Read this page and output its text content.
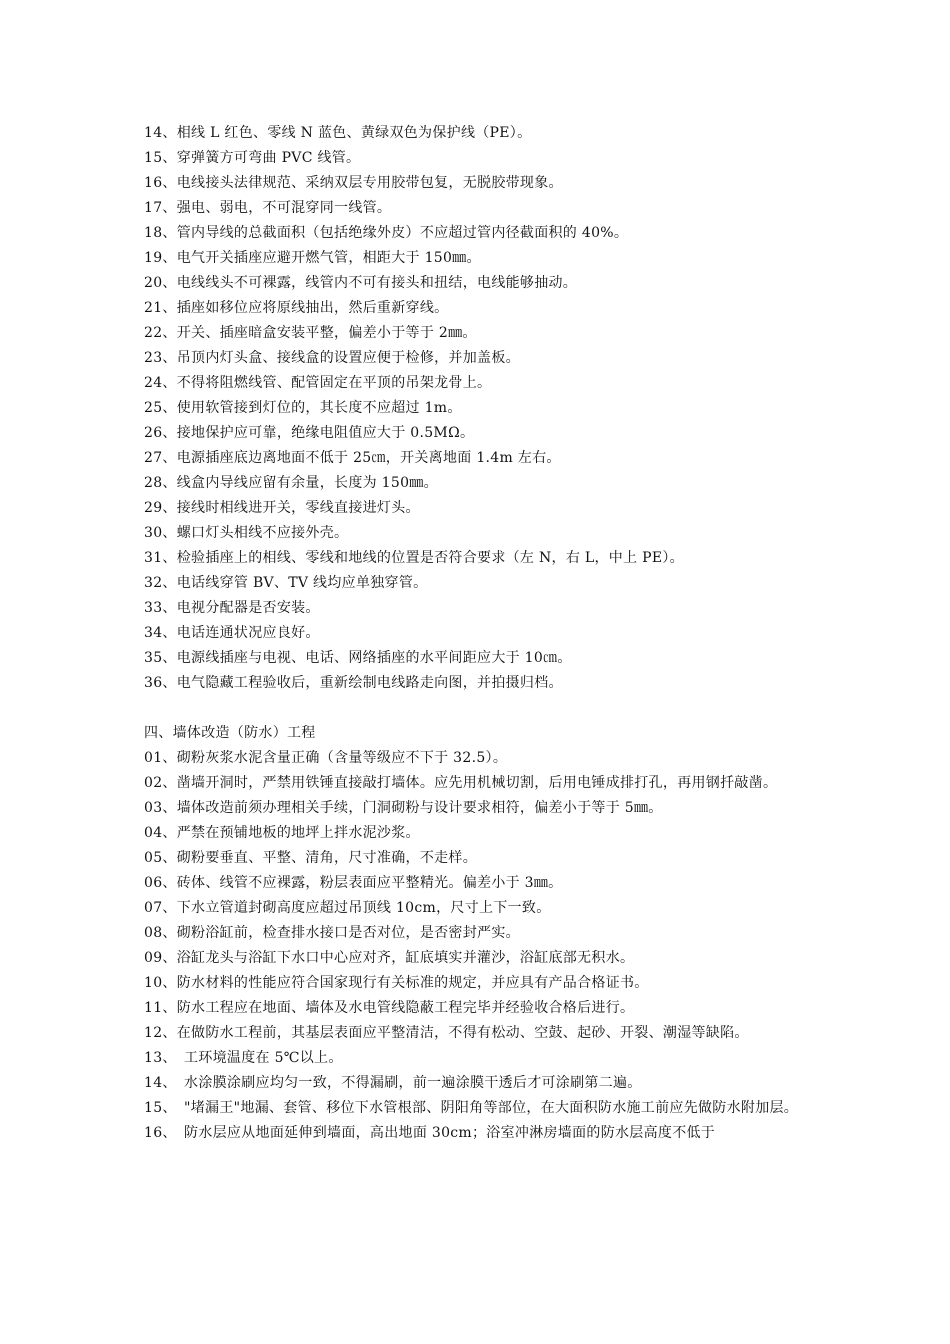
14、相线 L 红色、零线 N 蓝色、黄绿双色为保护线（PE）。
15、穿弹簧方可弯曲 PVC 线管。
16、电线接头法律规范、采纳双层专用胶带包复，无脱胶带现象。
17、强电、弱电，不可混穿同一线管。
18、管内导线的总截面积（包括绝缘外皮）不应超过管内径截面积的 40%。
19、电气开关插座应避开燃气管，相距大于 150㎜。
20、电线线头不可裸露，线管内不可有接头和扭结，电线能够抽动。
21、插座如移位应将原线抽出，然后重新穿线。
22、开关、插座暗盒安装平整，偏差小于等于 2㎜。
23、吊顶内灯头盒、接线盒的设置应便于检修，并加盖板。
24、不得将阻燃线管、配管固定在平顶的吊架龙骨上。
25、使用软管接到灯位的，其长度不应超过 1m。
26、接地保护应可靠，绝缘电阻值应大于 0.5MΩ。
27、电源插座底边离地面不低于 25㎝，开关离地面 1.4m 左右。
28、线盒内导线应留有余量，长度为 150㎜。
29、接线时相线进开关，零线直接进灯头。
30、螺口灯头相线不应接外壳。
31、检验插座上的相线、零线和地线的位置是否符合要求（左 N，右 L，中上 PE）。
32、电话线穿管 BV、TV 线均应单独穿管。
33、电视分配器是否安装。
34、电话连通状况应良好。
35、电源线插座与电视、电话、网络插座的水平间距应大于 10㎝。
36、电气隐藏工程验收后，重新绘制电线路走向图，并拍摄归档。
四、墙体改造（防水）工程
01、砌粉灰浆水泥含量正确（含量等级应不下于 32.5）。
02、凿墙开洞时，严禁用铁锤直接敲打墙体。应先用机械切割，后用电锤成排打孔，再用钢扦敲凿。
03、墙体改造前须办理相关手续，门洞砌粉与设计要求相符，偏差小于等于 5㎜。
04、严禁在预铺地板的地坪上拌水泥沙浆。
05、砌粉要垂直、平整、清角，尺寸准确，不走样。
06、砖体、线管不应裸露，粉层表面应平整精光。偏差小于 3㎜。
07、下水立管道封砌高度应超过吊顶线 10cm，尺寸上下一致。
08、砌粉浴缸前，检查排水接口是否对位，是否密封严实。
09、浴缸龙头与浴缸下水口中心应对齐，缸底填实并灌沙，浴缸底部无积水。
10、防水材料的性能应符合国家现行有关标准的规定，并应具有产品合格证书。
11、防水工程应在地面、墙体及水电管线隐蔽工程完毕并经验收合格后进行。
12、在做防水工程前，其基层表面应平整清洁，不得有松动、空鼓、起砂、开裂、潮湿等缺陷。
13、　工环境温度在 5℃以上。
14、　水涂膜涂刷应均匀一致，不得漏刷，前一遍涂膜干透后才可涂刷第二遍。
15、　"堵漏王"地漏、套管、移位下水管根部、阴阳角等部位，在大面积防水施工前应先做防水附加层。
16、　防水层应从地面延伸到墙面，高出地面 30cm；浴室冲淋房墙面的防水层高度不低于
